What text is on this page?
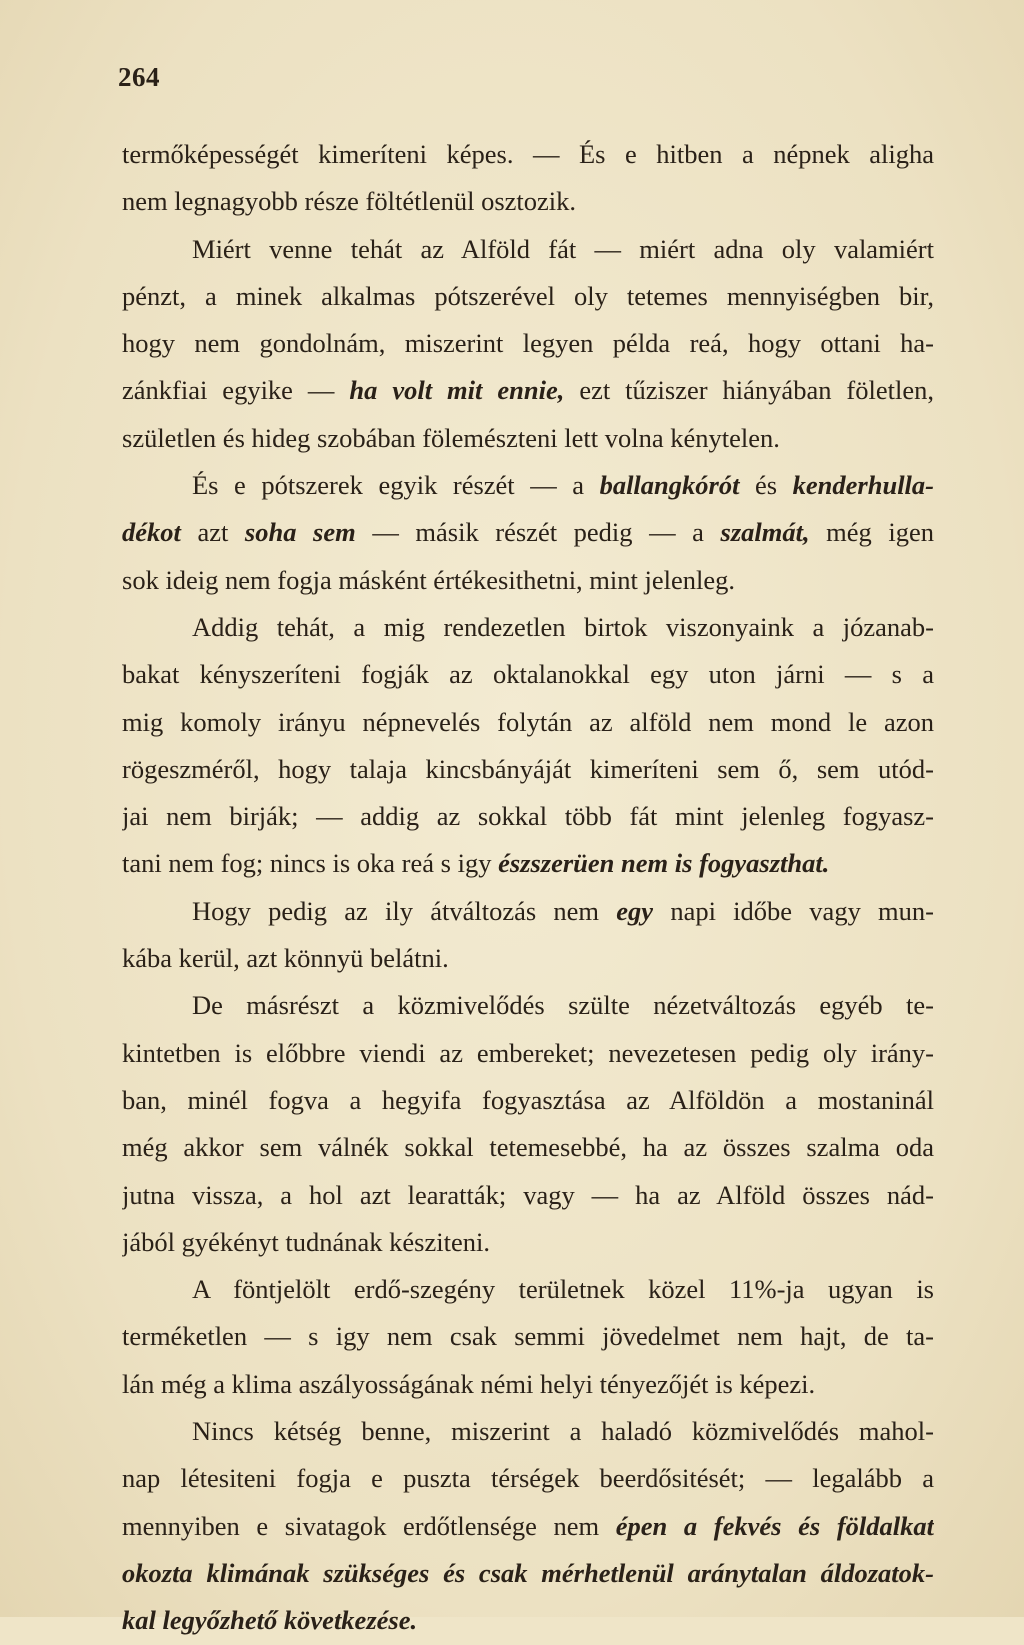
264
termőképességét kimeríteni képes. — És e hitben a népnek aligha
nem legnagyobb része föltétlenül osztozik.
Miért venne tehát az Alföld fát — miért adna oly valamiért
pénzt, a minek alkalmas pótszerével oly tetemes mennyiségben bir,
hogy nem gondolnám, miszerint legyen példa reá, hogy ottani ha-
zánkfiai egyike — ha volt mit ennie, ezt tűziszer hiányában föletlen,
születlen és hideg szobában fölemészteni lett volna kénytelen.
És e pótszerek egyik részét — a ballangkórót és kenderhulla-
dékot azt soha sem — másik részét pedig — a szalmát, még igen
sok ideig nem fogja másként értékesithetni, mint jelenleg.
Addig tehát, a mig rendezetlen birtok viszonyaink a józanab-
bakat kényszeríteni fogják az oktalanokkal egy uton járni — s a
mig komoly irányu népnevelés folytán az alföld nem mond le azon
rögeszméről, hogy talaja kincsbányáját kimeríteni sem ő, sem utód-
jai nem birják; — addig az sokkal több fát mint jelenleg fogyasz-
tani nem fog; nincs is oka reá s igy észszerüen nem is fogyaszthat.
Hogy pedig az ily átváltozás nem egy napi időbe vagy mun-
kába kerül, azt könnyü belátni.
De másrészt a közmivelődés szülte nézetváltozás egyéb te-
kintetben is előbbre viendi az embereket; nevezetesen pedig oly irány-
ban, minél fogva a hegyifa fogyasztása az Alföldön a mostaninál
még akkor sem válnék sokkal tetemesebbé, ha az összes szalma oda
jutna vissza, a hol azt learatták; vagy — ha az Alföld összes nád-
jából gyékényt tudnának késziteni.
A föntjelölt erdő-szegény területnek közel 11%-ja ugyan is
terméketlen — s igy nem csak semmi jövedelmet nem hajt, de ta-
lán még a klima aszályosságának némi helyi tényezőjét is képezi.
Nincs kétség benne, miszerint a haladó közmivelődés mahol-
nap létesiteni fogja e puszta térségek beerdősitését; — legalább a
mennyiben e sivatagok erdőtlensége nem épen a fekvés és földalkat
okozta klimának szükséges és csak mérhetlenül aránytalan áldozatok-
kal legyőzhető következése.
